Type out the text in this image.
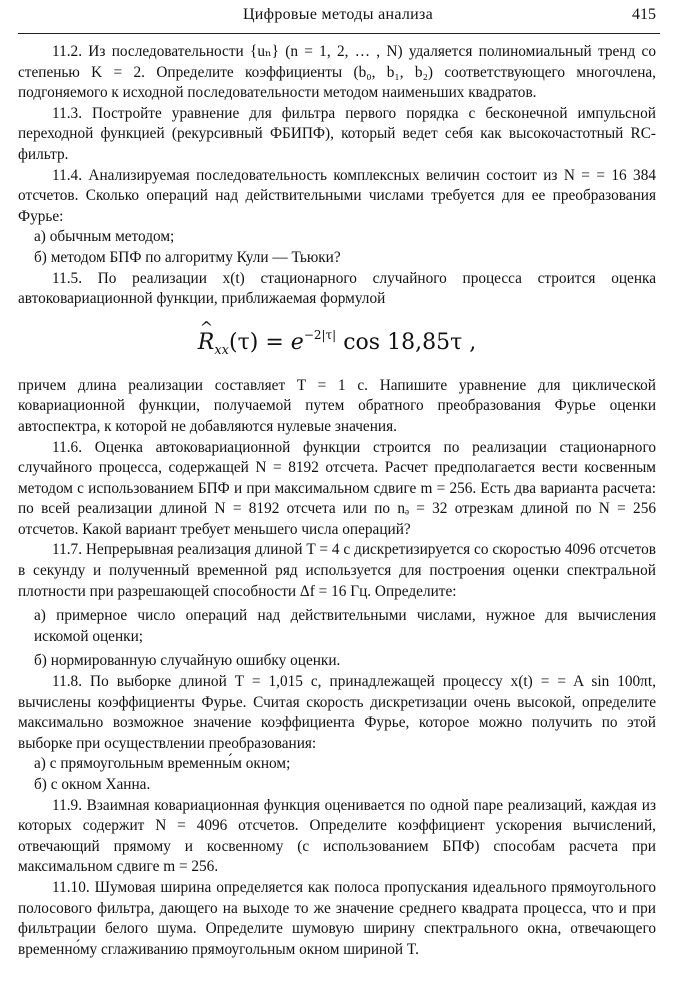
Цифровые методы анализа	415

11.2. Из последовательности {uₙ} (n = 1, 2, … , N) удаляется полиномиальный тренд со степенью K = 2. Определите коэффициенты (b₀, b₁, b₂) соответствующего многочлена, подгоняемого к исходной последовательности методом наименьших квадратов.

11.3. Постройте уравнение для фильтра первого порядка с бесконечной импульсной переходной функцией (рекурсивный ФБИПФ), который ведет себя как высокочастотный RC-фильтр.

11.4. Анализируемая последовательность комплексных величин состоит из N = = 16 384 отсчетов. Сколько операций над действительными числами требуется для ее преобразования Фурье:

а) обычным методом;

б) методом БПФ по алгоритму Кули — Тьюки?

11.5. По реализации x(t) стационарного случайного процесса строится оценка автоковариационной функции, приближаемая формулой

^ $R_{xx}(\tau) = e^{-2|\tau|}$ cos 18,85τ ,

причем длина реализации составляет T = 1 с. Напишите уравнение для циклической ковариационной функции, получаемой путем обратного преобразования Фурье оценки автоспектра, к которой не добавляются нулевые значения.

11.6. Оценка автоковариационной функции строится по реализации стационарного случайного процесса, содержащей N = 8192 отсчета. Расчет предполагается вести косвенным методом с использованием БПФ и при максимальном сдвиге m = 256. Есть два варианта расчета: по всей реализации длиной N = 8192 отсчета или по nₔ = 32 отрезкам длиной по N = 256 отсчетов. Какой вариант требует меньшего числа операций?

11.7. Непрерывная реализация длиной T = 4 с дискретизируется со скоростью 4096 отсчетов в секунду и полученный временной ряд используется для построения оценки спектральной плотности при разрешающей способности Δf = 16 Гц. Определите:

а) примерное число операций над действительными числами, нужное для вычисления искомой оценки;

б) нормированную случайную ошибку оценки.

11.8. По выборке длиной T = 1,015 с, принадлежащей процессу x(t) = = A sin 100πt, вычислены коэффициенты Фурье. Считая скорость дискретизации очень высокой, определите максимально возможное значение коэффициента Фурье, которое можно получить по этой выборке при осуществлении преобразования:

а) с прямоугольным временны́м окном;

б) с окном Ханна.

11.9. Взаимная ковариационная функция оценивается по одной паре реализаций, каждая из которых содержит N = 4096 отсчетов. Определите коэффициент ускорения вычислений, отвечающий прямому и косвенному (с использованием БПФ) способам расчета при максимальном сдвиге m = 256.

11.10. Шумовая ширина определяется как полоса пропускания идеального прямоугольного полосового фильтра, дающего на выходе то же значение среднего квадрата процесса, что и при фильтрации белого шума. Определите шумовую ширину спектрального окна, отвечающего временно́му сглаживанию прямоугольным окном шириной T.
